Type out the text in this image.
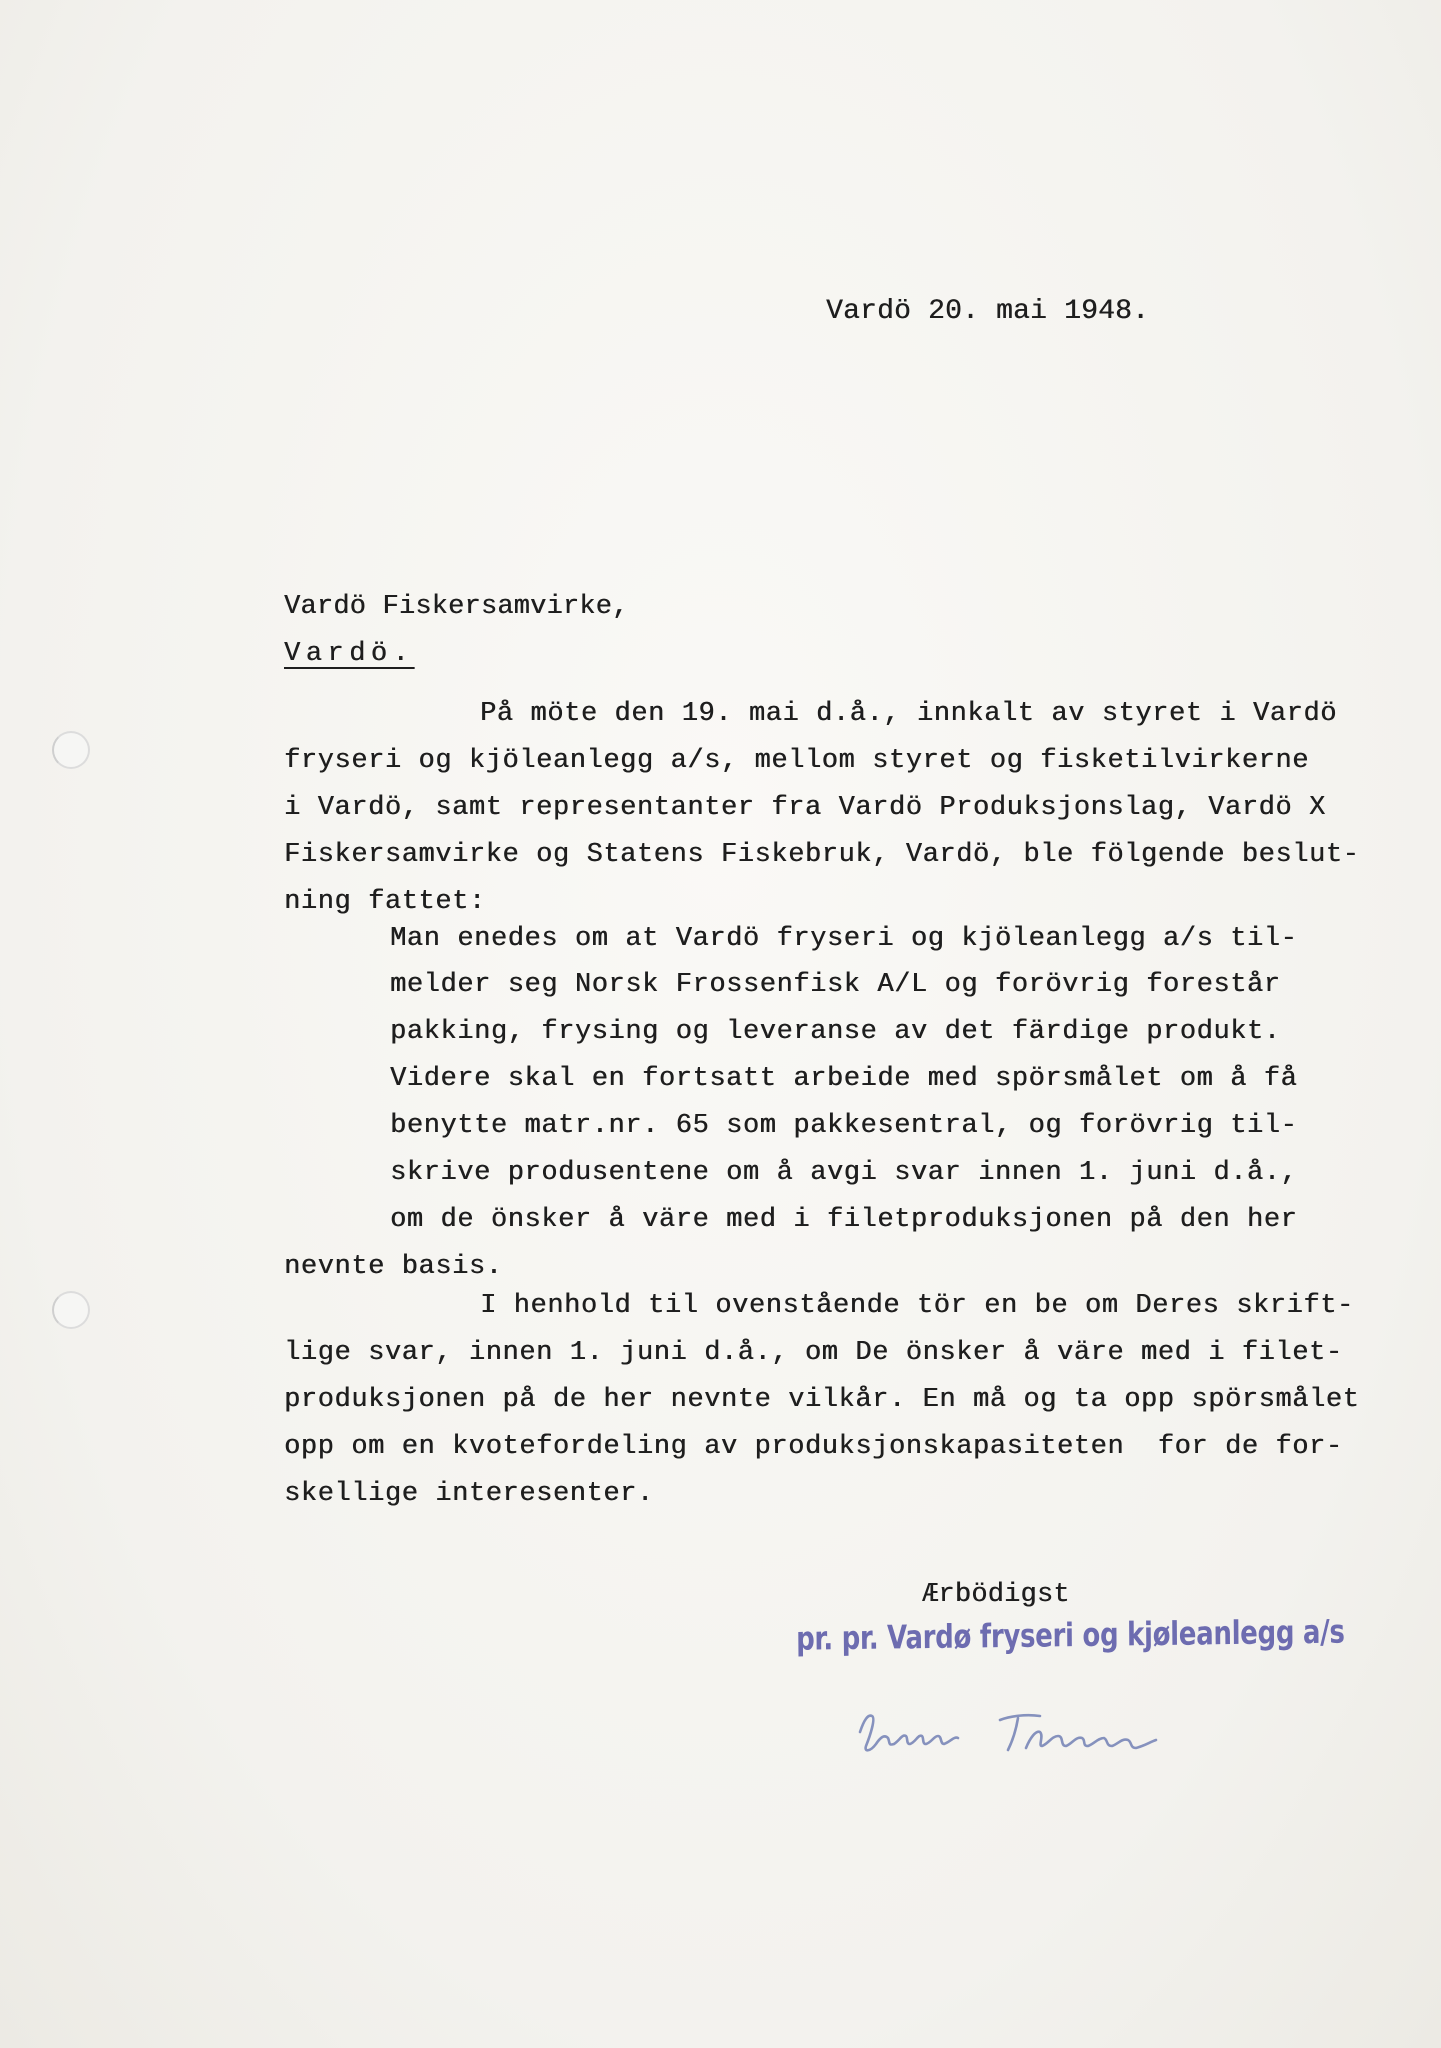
Vardö 20. mai 1948.
Vardö Fiskersamvirke,
Vardö.
På möte den 19. mai d.å., innkalt av styret i Vardö
fryseri og kjöleanlegg a/s, mellom styret og fisketilvirkerne
i Vardö, samt representanter fra Vardö Produksjonslag, Vardö X
Fiskersamvirke og Statens Fiskebruk, Vardö, ble fölgende beslut-
ning fattet:
Man enedes om at Vardö fryseri og kjöleanlegg a/s til-
melder seg Norsk Frossenfisk A/L og forövrig forestår
pakking, frysing og leveranse av det färdige produkt.
Videre skal en fortsatt arbeide med spörsmålet om å få
benytte matr.nr. 65 som pakkesentral, og forövrig til-
skrive produsentene om å avgi svar innen 1. juni d.å.,
om de önsker å väre med i filetproduksjonen på den her
nevnte basis.
I henhold til ovenstående tör en be om Deres skrift-
lige svar, innen 1. juni d.å., om De önsker å väre med i filet-
produksjonen på de her nevnte vilkår. En må og ta opp spörsmålet
opp om en kvotefordeling av produksjonskapasiteten  for de for-
skellige interesenter.
Ærbödigst
pr. pr. Vardø fryseri og kjøleanlegg a/s
